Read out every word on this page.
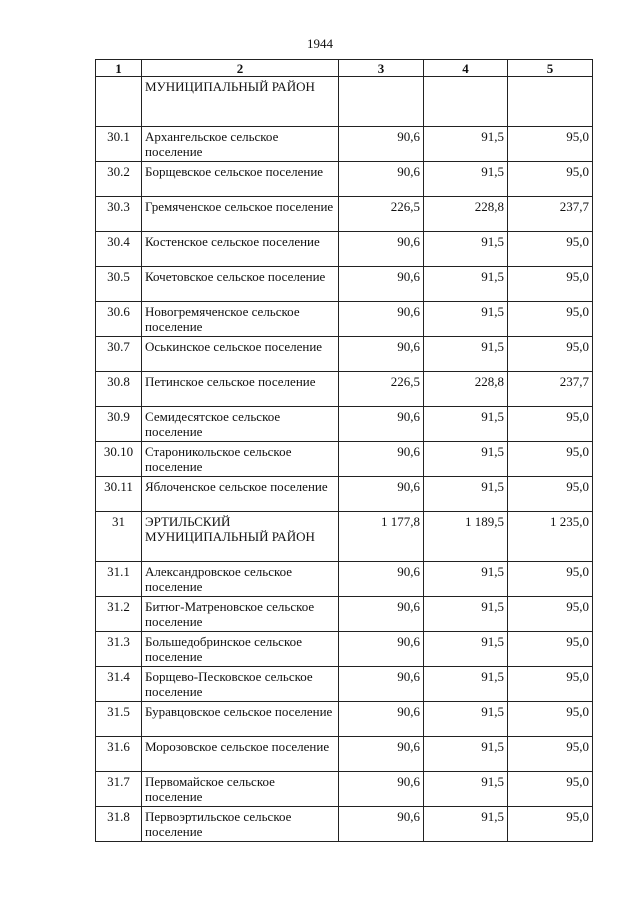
1944
1	2	3	4	5
	МУНИЦИПАЛЬНЫЙ РАЙОН			
30.1	Архангельское сельское поселение	90,6	91,5	95,0
30.2	Борщевское сельское поселение	90,6	91,5	95,0
30.3	Гремяченское сельское поселение	226,5	228,8	237,7
30.4	Костенское сельское поселение	90,6	91,5	95,0
30.5	Кочетовское сельское поселение	90,6	91,5	95,0
30.6	Новогремяченское сельское поселение	90,6	91,5	95,0
30.7	Оськинское сельское поселение	90,6	91,5	95,0
30.8	Петинское сельское поселение	226,5	228,8	237,7
30.9	Семидесятское сельское поселение	90,6	91,5	95,0
30.10	Староникольское сельское поселение	90,6	91,5	95,0
30.11	Яблоченское сельское поселение	90,6	91,5	95,0
31	ЭРТИЛЬСКИЙ МУНИЦИПАЛЬНЫЙ РАЙОН	1 177,8	1 189,5	1 235,0
31.1	Александровское сельское поселение	90,6	91,5	95,0
31.2	Битюг-Матреновское сельское поселение	90,6	91,5	95,0
31.3	Большедобринское сельское поселение	90,6	91,5	95,0
31.4	Борщево-Песковское сельское поселение	90,6	91,5	95,0
31.5	Буравцовское сельское поселение	90,6	91,5	95,0
31.6	Морозовское сельское поселение	90,6	91,5	95,0
31.7	Первомайское сельское поселение	90,6	91,5	95,0
31.8	Первоэртильское сельское поселение	90,6	91,5	95,0
